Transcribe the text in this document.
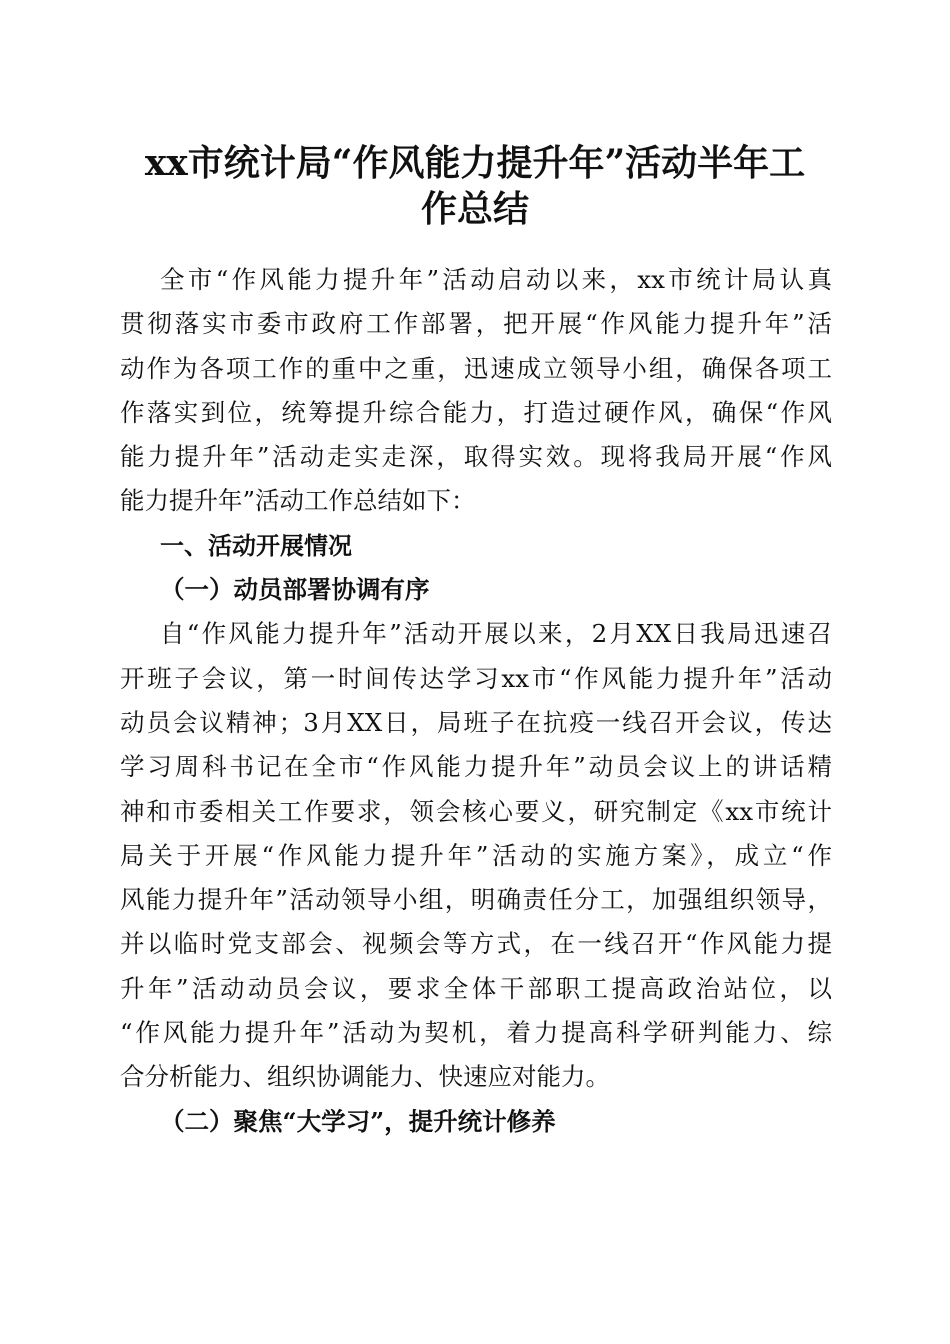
xx市统计局“作风能力提升年”活动半年工
作总结
全市“作风能力提升年”活动启动以来，xx市统计局认真
贯彻落实市委市政府工作部署，把开展“作风能力提升年”活
动作为各项工作的重中之重，迅速成立领导小组，确保各项工
作落实到位，统筹提升综合能力，打造过硬作风，确保“作风
能力提升年”活动走实走深，取得实效。现将我局开展“作风
能力提升年”活动工作总结如下：
一、活动开展情况
（一）动员部署协调有序
自“作风能力提升年”活动开展以来，2月XX日我局迅速召
开班子会议，第一时间传达学习xx市“作风能力提升年”活动
动员会议精神；3月XX日，局班子在抗疫一线召开会议，传达
学习周科书记在全市“作风能力提升年”动员会议上的讲话精
神和市委相关工作要求，领会核心要义，研究制定《xx市统计
局关于开展“作风能力提升年”活动的实施方案》，成立“作
风能力提升年”活动领导小组，明确责任分工，加强组织领导，
并以临时党支部会、视频会等方式，在一线召开“作风能力提
升年”活动动员会议，要求全体干部职工提高政治站位，以
“作风能力提升年”活动为契机，着力提高科学研判能力、综
合分析能力、组织协调能力、快速应对能力。
（二）聚焦“大学习”，提升统计修养
